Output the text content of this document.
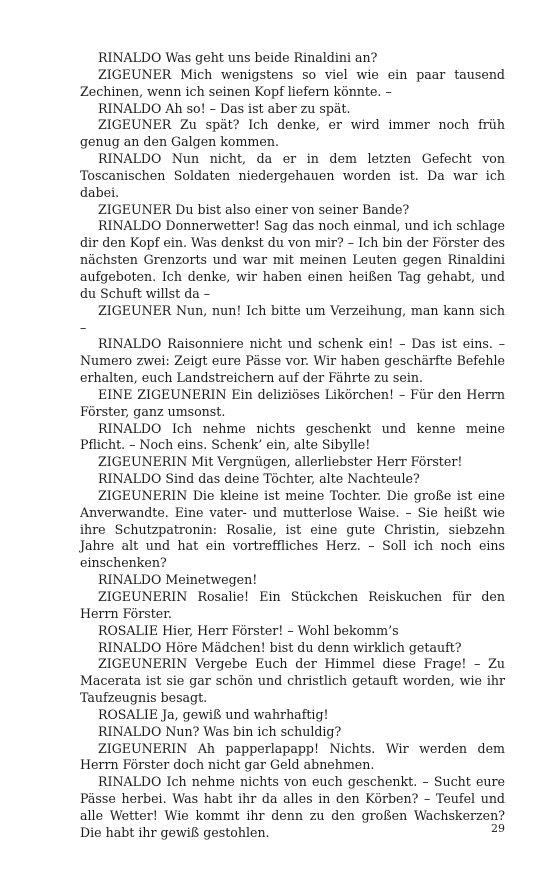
RINALDO Was geht uns beide Rinaldini an?

ZIGEUNER Mich wenigstens so viel wie ein paar tausend Zechinen, wenn ich seinen Kopf liefern könnte. –

RINALDO Ah so! – Das ist aber zu spät.

ZIGEUNER Zu spät? Ich denke, er wird immer noch früh genug an den Galgen kommen.

RINALDO Nun nicht, da er in dem letzten Gefecht von Toscanischen Soldaten niedergehauen worden ist. Da war ich dabei.

ZIGEUNER Du bist also einer von seiner Bande?

RINALDO Donnerwetter! Sag das noch einmal, und ich schlage dir den Kopf ein. Was denkst du von mir? – Ich bin der Förster des nächsten Grenzorts und war mit meinen Leuten gegen Rinaldini aufgeboten. Ich denke, wir haben einen heißen Tag gehabt, und du Schuft willst da –

ZIGEUNER Nun, nun! Ich bitte um Verzeihung, man kann sich –

RINALDO Raisonniere nicht und schenk ein! – Das ist eins. – Numero zwei: Zeigt eure Pässe vor. Wir haben geschärfte Befehle erhalten, euch Landstreichern auf der Fährte zu sein.

EINE ZIGEUNERIN Ein deliziöses Likörchen! – Für den Herrn Förster, ganz umsonst.

RINALDO Ich nehme nichts geschenkt und kenne meine Pflicht. – Noch eins. Schenk’ ein, alte Sibylle!

ZIGEUNERIN Mit Vergnügen, allerliebster Herr Förster!

RINALDO Sind das deine Töchter, alte Nachteule?

ZIGEUNERIN Die kleine ist meine Tochter. Die große ist eine Anverwandte. Eine vater- und mutterlose Waise. – Sie heißt wie ihre Schutzpatronin: Rosalie, ist eine gute Christin, siebzehn Jahre alt und hat ein vortreffliches Herz. – Soll ich noch eins einschenken?

RINALDO Meinetwegen!

ZIGEUNERIN Rosalie! Ein Stückchen Reiskuchen für den Herrn Förster.

ROSALIE Hier, Herr Förster! – Wohl bekomm’s

RINALDO Höre Mädchen! bist du denn wirklich getauft?

ZIGEUNERIN Vergebe Euch der Himmel diese Frage! – Zu Macerata ist sie gar schön und christlich getauft worden, wie ihr Taufzeugnis besagt.

ROSALIE Ja, gewiß und wahrhaftig!

RINALDO Nun? Was bin ich schuldig?

ZIGEUNERIN Ah papperlapapp! Nichts. Wir werden dem Herrn Förster doch nicht gar Geld abnehmen.

RINALDO Ich nehme nichts von euch geschenkt. – Sucht eure Pässe herbei. Was habt ihr da alles in den Körben? – Teufel und alle Wetter! Wie kommt ihr denn zu den großen Wachskerzen? Die habt ihr gewiß gestohlen.	29
